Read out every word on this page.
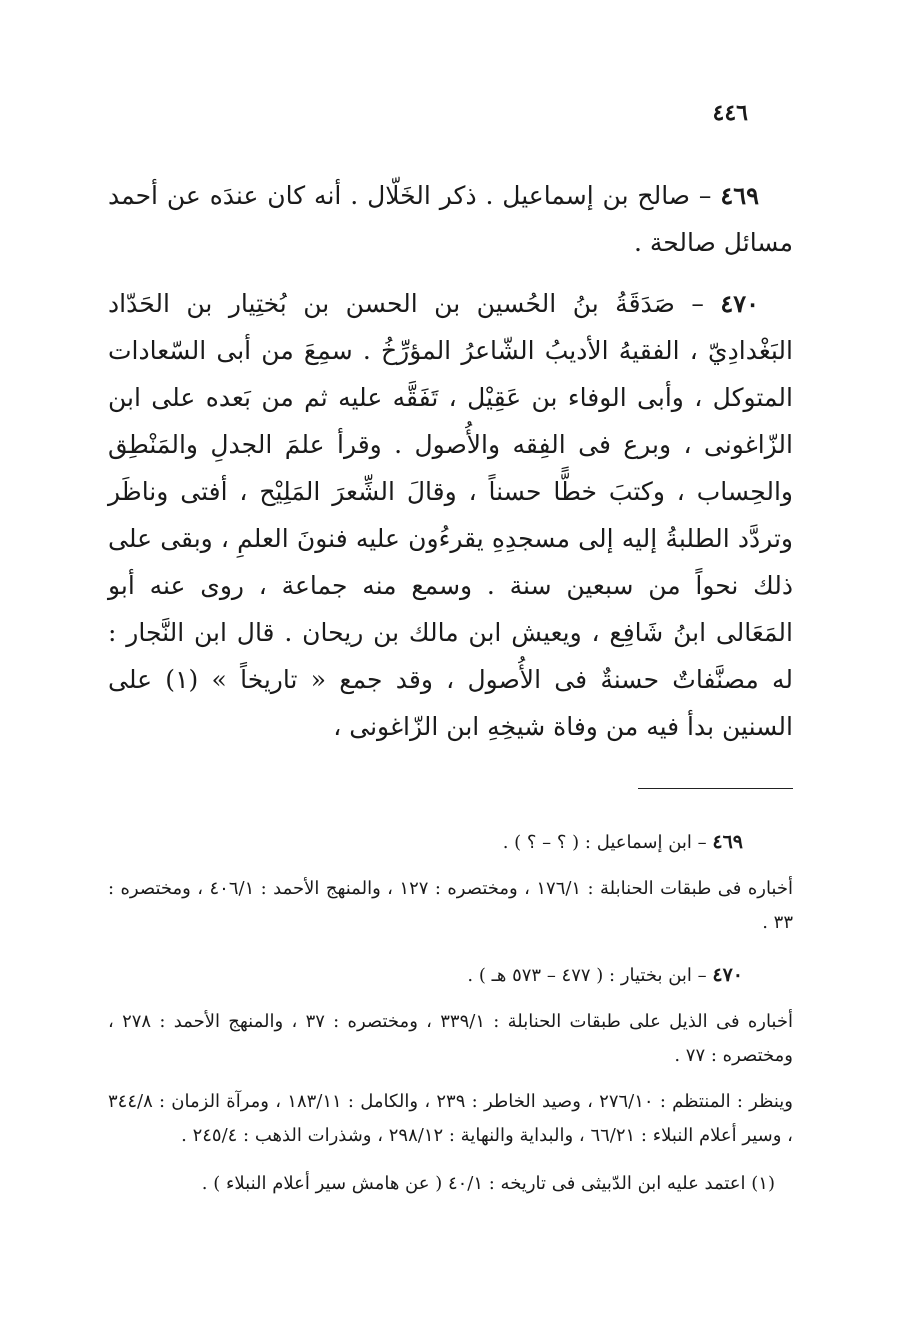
٤٤٦

٤٦٩ – صالح بن إسماعيل . ذكر الخَلّال . أنه كان عندَه عن أحمد مسائل صالحة .

٤٧٠ – صَدَقَةُ بنُ الحُسين بن الحسن بن بُختِيار بن الحَدّاد البَغْدادِيّ ، الفقيهُ الأديبُ الشّاعرُ المؤرِّخُ . سمِعَ من أبى السّعادات المتوكل ، وأبى الوفاء بن عَقِيْل ، تَفَقَّه عليه ثم من بَعده على ابن الزّاغونى ، وبرع فى الفِقه والأُصول . وقرأ علمَ الجدلِ والمَنْطِق والحِساب ، وكتبَ خطًّا حسناً ، وقالَ الشِّعرَ المَلِيْح ، أفتى وناظَر وتردَّد الطلبةُ إليه إلى مسجدِهِ يقرءُون عليه فنونَ العلمِ ، وبقى على ذلك نحواً من سبعين سنة . وسمع منه جماعة ، روى عنه أبو المَعَالى ابنُ شَافِع ، ويعيش ابن مالك بن ريحان . قال ابن النَّجار : له مصنَّفاتٌ حسنةٌ فى الأُصول ، وقد جمع « تاريخاً » (١) على السنين بدأ فيه من وفاة شيخِهِ ابن الزّاغونى ،

٤٦٩ – ابن إسماعيل : ( ؟ – ؟ ) .

أخباره فى طبقات الحنابلة : ١٧٦/١ ، ومختصره : ١٢٧ ، والمنهج الأحمد : ٤٠٦/١ ، ومختصره : ٣٣ .

٤٧٠ – ابن بختيار : ( ٤٧٧ – ٥٧٣ هـ ) .

أخباره فى الذيل على طبقات الحنابلة : ٣٣٩/١ ، ومختصره : ٣٧ ، والمنهج الأحمد : ٢٧٨ ، ومختصره : ٧٧ .

وينظر : المنتظم : ٢٧٦/١٠ ، وصيد الخاطر : ٢٣٩ ، والكامل : ١٨٣/١١ ، ومرآة الزمان : ٣٤٤/٨ ، وسير أعلام النبلاء : ٦٦/٢١ ، والبداية والنهاية : ٢٩٨/١٢ ، وشذرات الذهب : ٢٤٥/٤ .

(١) اعتمد عليه ابن الدّبيثى فى تاريخه : ٤٠/١ ( عن هامش سير أعلام النبلاء ) .
